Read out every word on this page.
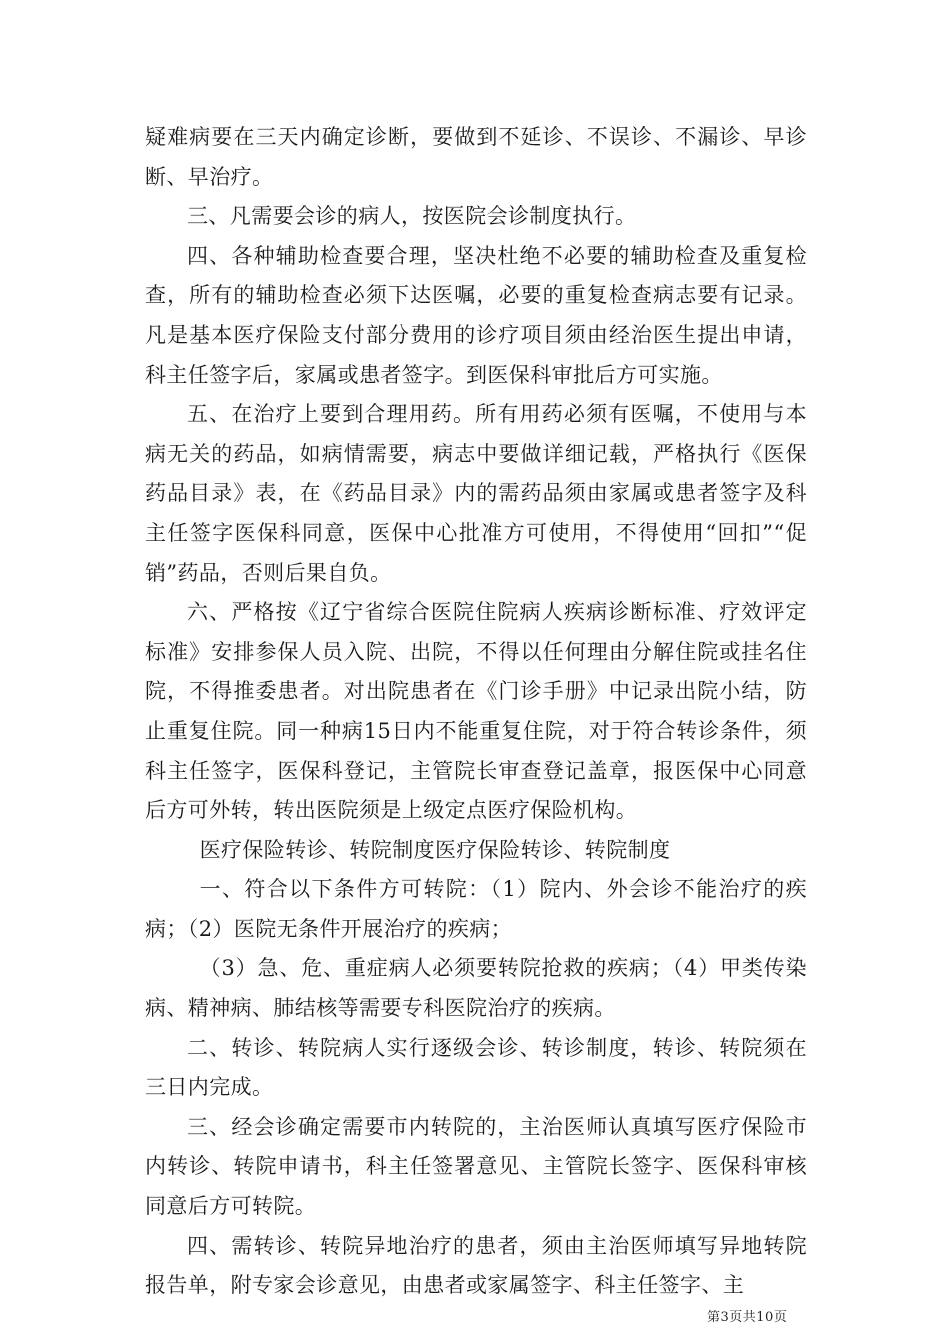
疑难病要在三天内确定诊断，要做到不延诊、不误诊、不漏诊、早诊断、早治疗。

三、凡需要会诊的病人，按医院会诊制度执行。

四、各种辅助检查要合理，坚决杜绝不必要的辅助检查及重复检查，所有的辅助检查必须下达医嘱，必要的重复检查病志要有记录。凡是基本医疗保险支付部分费用的诊疗项目须由经治医生提出申请，科主任签字后，家属或患者签字。到医保科审批后方可实施。

五、在治疗上要到合理用药。所有用药必须有医嘱，不使用与本病无关的药品，如病情需要，病志中要做详细记载，严格执行《医保药品目录》表，在《药品目录》内的需药品须由家属或患者签字及科主任签字医保科同意，医保中心批准方可使用，不得使用“回扣”“促销”药品，否则后果自负。

六、严格按《辽宁省综合医院住院病人疾病诊断标准、疗效评定标准》安排参保人员入院、出院，不得以任何理由分解住院或挂名住院，不得推委患者。对出院患者在《门诊手册》中记录出院小结，防止重复住院。同一种病15日内不能重复住院，对于符合转诊条件，须科主任签字，医保科登记，主管院长审查登记盖章，报医保中心同意后方可外转，转出医院须是上级定点医疗保险机构。

医疗保险转诊、转院制度医疗保险转诊、转院制度

一、符合以下条件方可转院：（1）院内、外会诊不能治疗的疾病；（2）医院无条件开展治疗的疾病；

（3）急、危、重症病人必须要转院抢救的疾病；（4）甲类传染病、精神病、肺结核等需要专科医院治疗的疾病。

二、转诊、转院病人实行逐级会诊、转诊制度，转诊、转院须在三日内完成。

三、经会诊确定需要市内转院的，主治医师认真填写医疗保险市内转诊、转院申请书，科主任签署意见、主管院长签字、医保科审核同意后方可转院。

四、需转诊、转院异地治疗的患者，须由主治医师填写异地转院报告单，附专家会诊意见，由患者或家属签字、科主任签字、主

第3页共10页
